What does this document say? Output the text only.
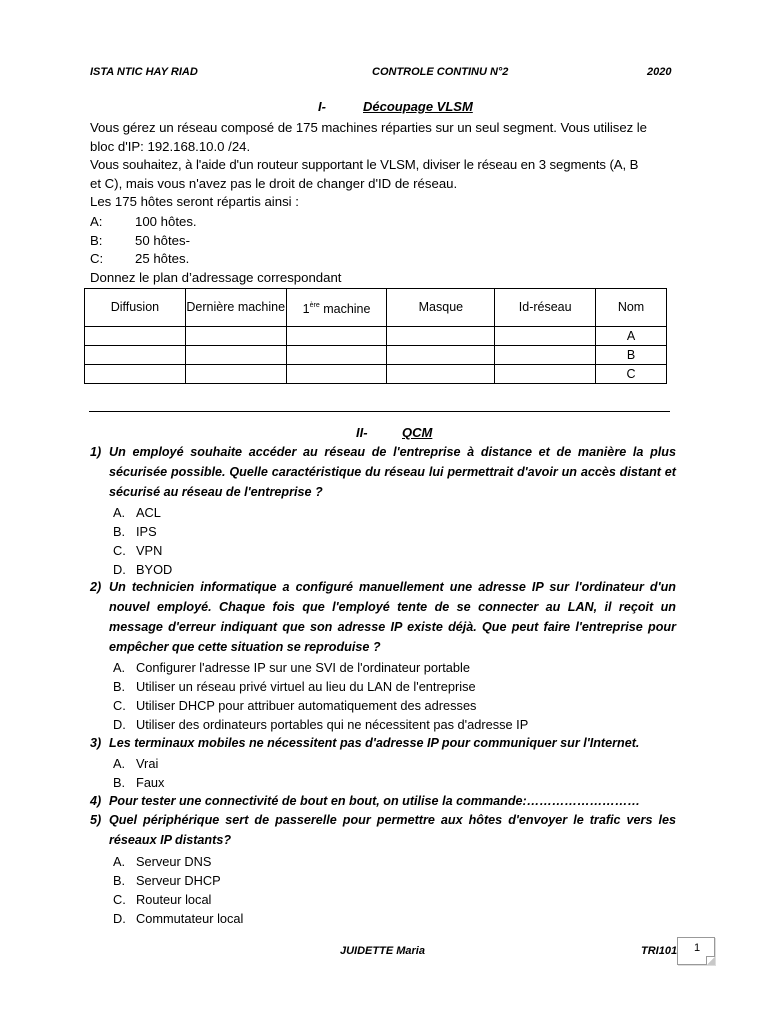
ISTA NTIC HAY RIAD	CONTROLE CONTINU N°2	2020
I-	Découpage VLSM
Vous gérez un réseau composé de 175 machines réparties sur un seul segment. Vous utilisez le
bloc d'IP: 192.168.10.0 /24.
Vous souhaitez, à l'aide d'un routeur supportant le VLSM, diviser le réseau en 3 segments (A, B
et C), mais vous n'avez pas le droit de changer d'ID de réseau.
Les 175 hôtes seront répartis ainsi :
A:	100 hôtes.
B:	50 hôtes-
C:	25 hôtes.
Donnez le plan d’adressage correspondant
Diffusion	Dernière machine	1ère machine	Masque	Id-réseau	Nom
					A
					B
					C
II-	QCM
1) Un employé souhaite accéder au réseau de l'entreprise à distance et de manière la plus sécurisée possible. Quelle caractéristique du réseau lui permettrait d'avoir un accès distant et sécurisé au réseau de l'entreprise ?
A. ACL
B. IPS
C. VPN
D. BYOD
2) Un technicien informatique a configuré manuellement une adresse IP sur l'ordinateur d'un nouvel employé. Chaque fois que l'employé tente de se connecter au LAN, il reçoit un message d'erreur indiquant que son adresse IP existe déjà. Que peut faire l'entreprise pour empêcher que cette situation se reproduise ?
A. Configurer l'adresse IP sur une SVI de l'ordinateur portable
B. Utiliser un réseau privé virtuel au lieu du LAN de l'entreprise
C. Utiliser DHCP pour attribuer automatiquement des adresses
D. Utiliser des ordinateurs portables qui ne nécessitent pas d'adresse IP
3) Les terminaux mobiles ne nécessitent pas d'adresse IP pour communiquer sur l'Internet.
A. Vrai
B. Faux
4) Pour tester une connectivité de bout en bout, on utilise la commande:………………………
5) Quel périphérique sert de passerelle pour permettre aux hôtes d'envoyer le trafic vers les réseaux IP distants?
A. Serveur DNS
B. Serveur DHCP
C. Routeur local
D. Commutateur local
JUIDETTE Maria	TRI101 1
